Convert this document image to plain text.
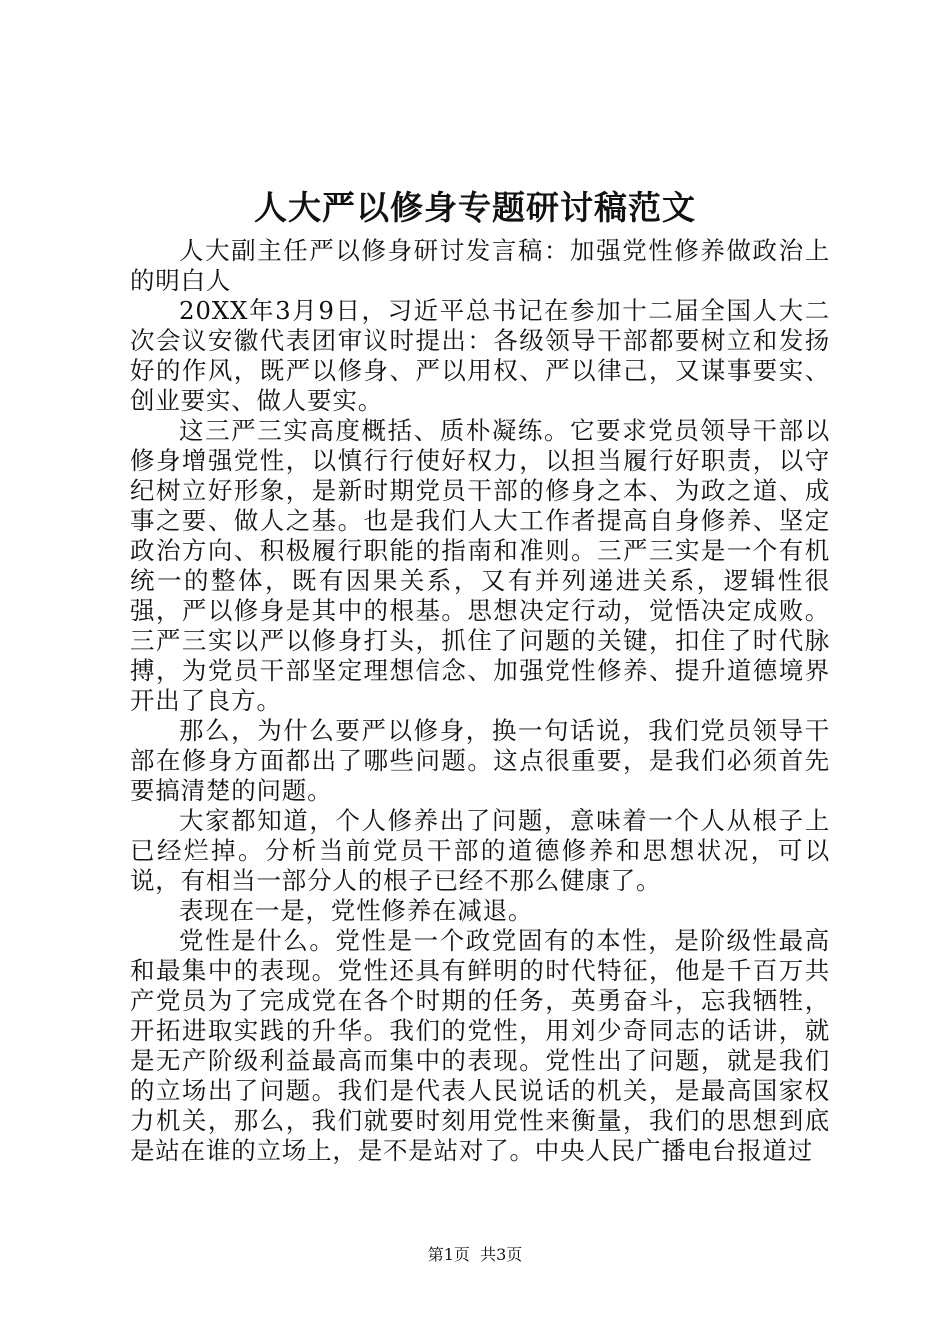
人大严以修身专题研讨稿范文

人大副主任严以修身研讨发言稿：加强党性修养做政治上的明白人

20XX年3月9日，习近平总书记在参加十二届全国人大二次会议安徽代表团审议时提出：各级领导干部都要树立和发扬好的作风，既严以修身、严以用权、严以律己，又谋事要实、创业要实、做人要实。

这三严三实高度概括、质朴凝练。它要求党员领导干部以修身增强党性，以慎行行使好权力，以担当履行好职责，以守纪树立好形象，是新时期党员干部的修身之本、为政之道、成事之要、做人之基。也是我们人大工作者提高自身修养、坚定政治方向、积极履行职能的指南和准则。三严三实是一个有机统一的整体，既有因果关系，又有并列递进关系，逻辑性很强，严以修身是其中的根基。思想决定行动，觉悟决定成败。三严三实以严以修身打头，抓住了问题的关键，扣住了时代脉搏，为党员干部坚定理想信念、加强党性修养、提升道德境界开出了良方。

那么，为什么要严以修身，换一句话说，我们党员领导干部在修身方面都出了哪些问题。这点很重要，是我们必须首先要搞清楚的问题。

大家都知道，个人修养出了问题，意味着一个人从根子上已经烂掉。分析当前党员干部的道德修养和思想状况，可以说，有相当一部分人的根子已经不那么健康了。

表现在一是，党性修养在减退。

党性是什么。党性是一个政党固有的本性，是阶级性最高和最集中的表现。党性还具有鲜明的时代特征，他是千百万共产党员为了完成党在各个时期的任务，英勇奋斗，忘我牺牲，开拓进取实践的升华。我们的党性，用刘少奇同志的话讲，就是无产阶级利益最高而集中的表现。党性出了问题，就是我们的立场出了问题。我们是代表人民说话的机关，是最高国家权力机关，那么，我们就要时刻用党性来衡量，我们的思想到底是站在谁的立场上，是不是站对了。中央人民广播电台报道过

第1页  共3页
